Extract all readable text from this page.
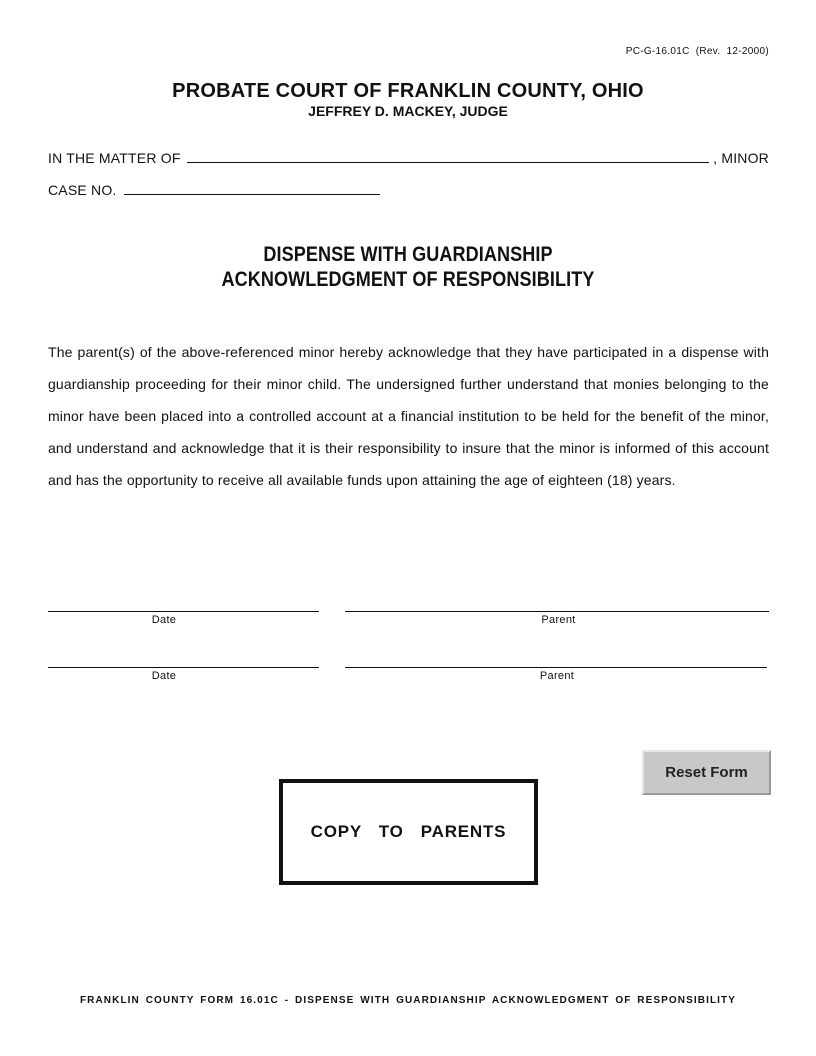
PC-G-16.01C  (Rev.  12-2000)
PROBATE COURT OF FRANKLIN COUNTY, OHIO
JEFFREY D. MACKEY, JUDGE
IN THE MATTER OF	, MINOR
CASE NO.
DISPENSE WITH GUARDIANSHIP
ACKNOWLEDGMENT OF RESPONSIBILITY
The parent(s) of the above-referenced minor hereby acknowledge that they have participated in a dispense with guardianship proceeding for their minor child. The undersigned further understand that monies belonging to the minor have been placed into a controlled account at a financial institution to be held for the benefit of the minor, and understand and acknowledge that it is their responsibility to insure that the minor is informed of this account and has the opportunity to receive all available funds upon attaining the age of eighteen (18) years.
Date	Parent
Date	Parent
Reset Form
COPY  TO  PARENTS
FRANKLIN COUNTY FORM 16.01C - DISPENSE WITH GUARDIANSHIP ACKNOWLEDGMENT OF RESPONSIBILITY
